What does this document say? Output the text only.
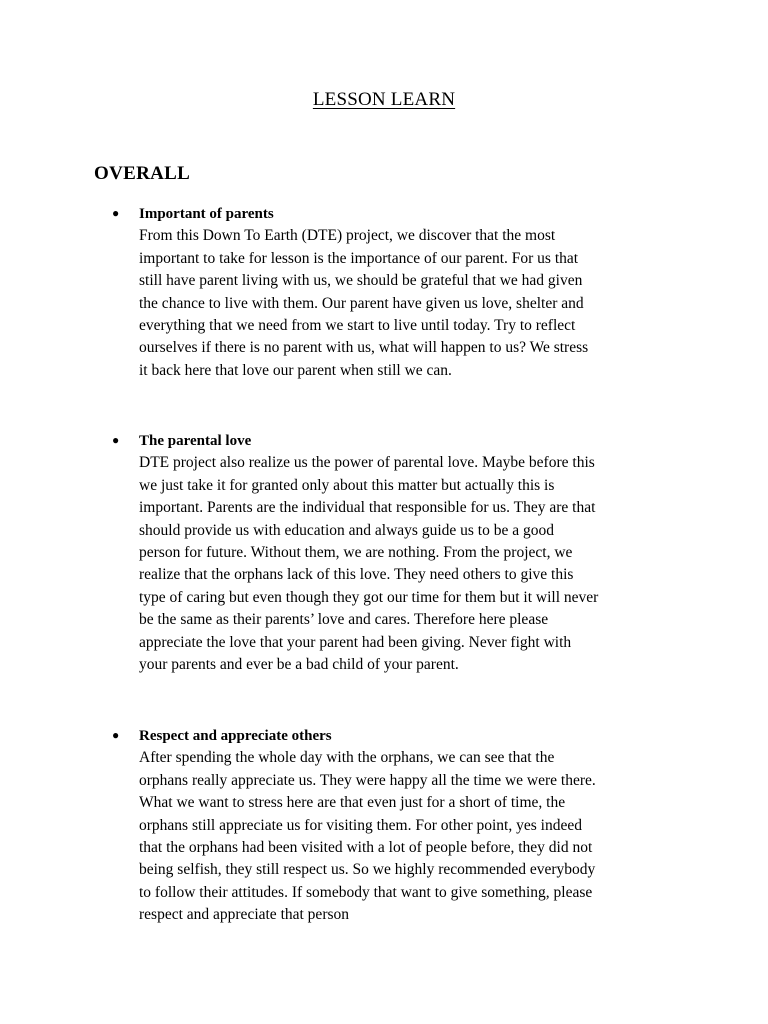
LESSON LEARN
OVERALL
● Important of parents
From this Down To Earth (DTE) project, we discover that the most
important to take for lesson is the importance of our parent. For us that
still have parent living with us, we should be grateful that we had given
the chance to live with them. Our parent have given us love, shelter and
everything that we need from we start to live until today. Try to reflect
ourselves if there is no parent with us, what will happen to us? We stress
it back here that love our parent when still we can.
● The parental love
DTE project also realize us the power of parental love. Maybe before this
we just take it for granted only about this matter but actually this is
important. Parents are the individual that responsible for us. They are that
should provide us with education and always guide us to be a good
person for future. Without them, we are nothing. From the project, we
realize that the orphans lack of this love. They need others to give this
type of caring but even though they got our time for them but it will never
be the same as their parents’ love and cares. Therefore here please
appreciate the love that your parent had been giving. Never fight with
your parents and ever be a bad child of your parent.
● Respect and appreciate others
After spending the whole day with the orphans, we can see that the
orphans really appreciate us. They were happy all the time we were there.
What we want to stress here are that even just for a short of time, the
orphans still appreciate us for visiting them. For other point, yes indeed
that the orphans had been visited with a lot of people before, they did not
being selfish, they still respect us. So we highly recommended everybody
to follow their attitudes. If somebody that want to give something, please
respect and appreciate that person
